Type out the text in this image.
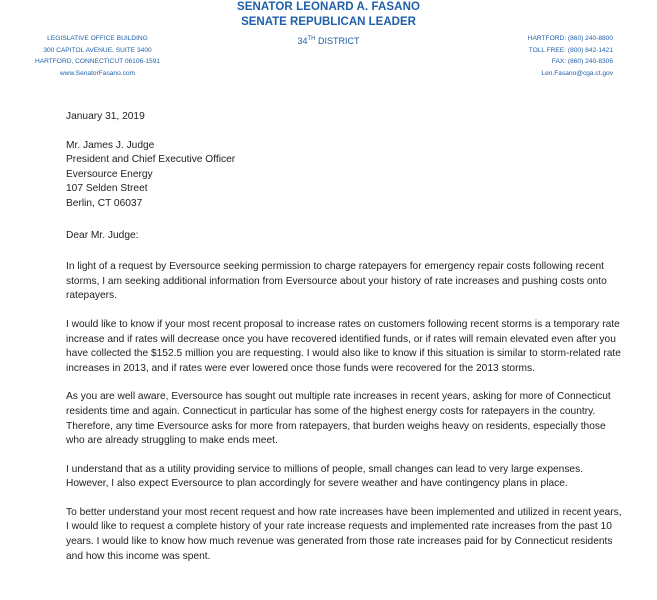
SENATOR LEONARD A. FASANO
SENATE REPUBLICAN LEADER
34TH DISTRICT
LEGISLATIVE OFFICE BUILDING
300 CAPITOL AVENUE, SUITE 3400
HARTFORD, CONNECTICUT 06106-1591
www.SenatorFasano.com
HARTFORD: (860) 240-8800
TOLL FREE: (800) 842-1421
FAX: (860) 240-8306
Len.Fasano@cga.ct.gov

January 31, 2019

Mr. James J. Judge
President and Chief Executive Officer
Eversource Energy
107 Selden Street
Berlin, CT 06037

Dear Mr. Judge:

In light of a request by Eversource seeking permission to charge ratepayers for emergency repair costs following recent storms, I am seeking additional information from Eversource about your history of rate increases and pushing costs onto ratepayers.

I would like to know if your most recent proposal to increase rates on customers following recent storms is a temporary rate increase and if rates will decrease once you have recovered identified funds, or if rates will remain elevated even after you have collected the $152.5 million you are requesting. I would also like to know if this situation is similar to storm-related rate increases in 2013, and if rates were ever lowered once those funds were recovered for the 2013 storms.

As you are well aware, Eversource has sought out multiple rate increases in recent years, asking for more of Connecticut residents time and again. Connecticut in particular has some of the highest energy costs for ratepayers in the country. Therefore, any time Eversource asks for more from ratepayers, that burden weighs heavy on residents, especially those who are already struggling to make ends meet.

I understand that as a utility providing service to millions of people, small changes can lead to very large expenses. However, I also expect Eversource to plan accordingly for severe weather and have contingency plans in place.

To better understand your most recent request and how rate increases have been implemented and utilized in recent years, I would like to request a complete history of your rate increase requests and implemented rate increases from the past 10 years. I would like to know how much revenue was generated from those rate increases paid for by Connecticut residents and how this income was spent.
